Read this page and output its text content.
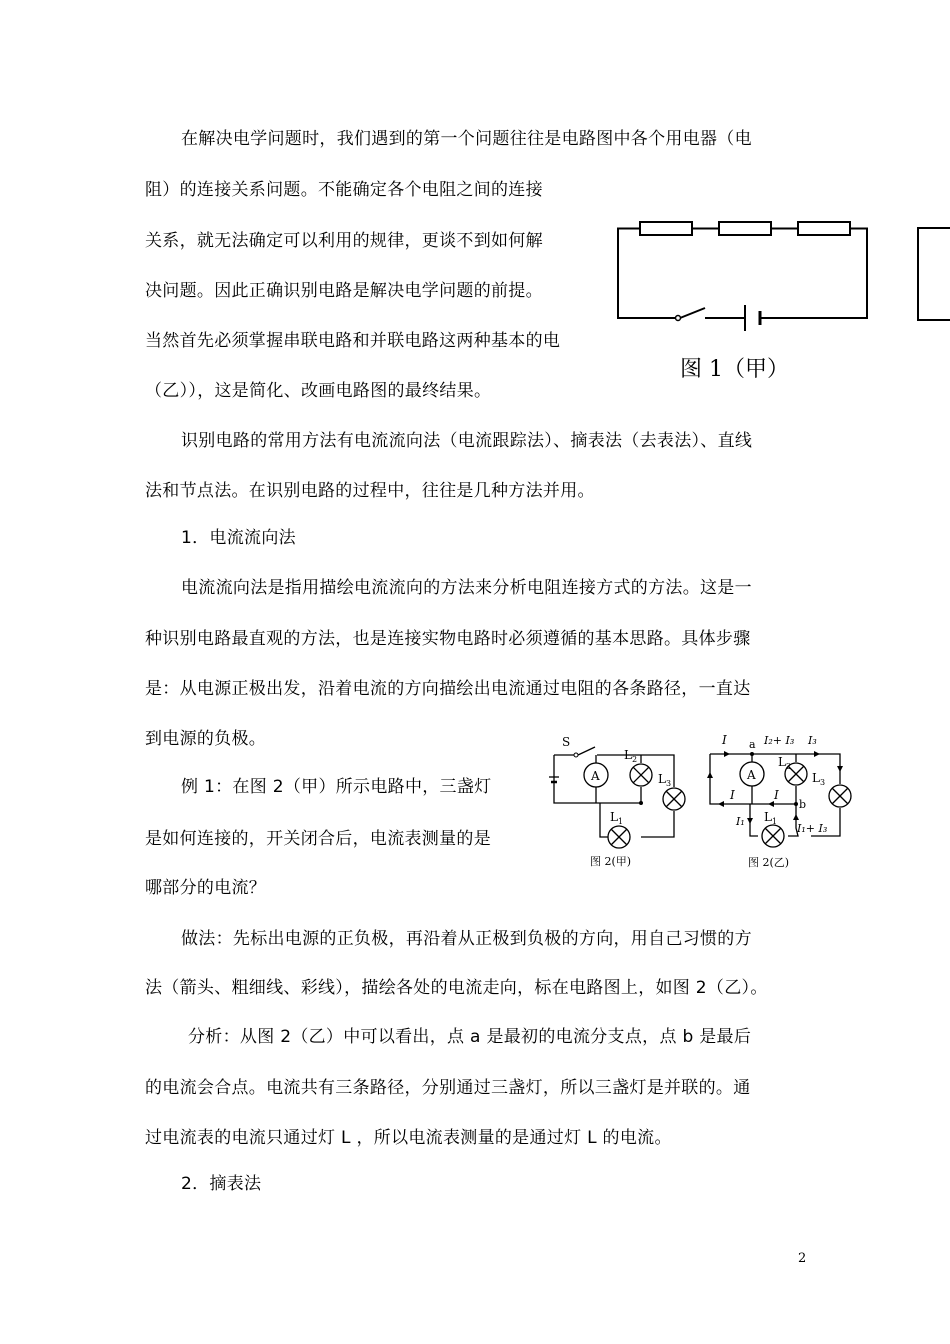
在解决电学问题时，我们遇到的第一个问题往往是电路图中各个用电器（电
阻）的连接关系问题。不能确定各个电阻之间的连接
关系，就无法确定可以利用的规律，更谈不到如何解
决问题。因此正确识别电路是解决电学问题的前提。
当然首先必须掌握串联电路和并联电路这两种基本的电
（乙）），这是简化、改画电路图的最终结果。
识别电路的常用方法有电流流向法（电流跟踪法）、摘表法（去表法）、直线
法和节点法。在识别电路的过程中，往往是几种方法并用。
1．电流流向法
电流流向法是指用描绘电流流向的方法来分析电阻连接方式的方法。这是一
种识别电路最直观的方法，也是连接实物电路时必须遵循的基本思路。具体步骤
是：从电源正极出发，沿着电流的方向描绘出电流通过电阻的各条路径，一直达
到电源的负极。
例 1：在图 2（甲）所示电路中，三盏灯
是如何连接的，开关闭合后，电流表测量的是
哪部分的电流？
做法：先标出电源的正负极，再沿着从正极到负极的方向，用自己习惯的方
法（箭头、粗细线、彩线），描绘各处的电流走向，标在电路图上，如图 2（乙）。
分析：从图 2（乙）中可以看出，点 a 是最初的电流分支点，点 b 是最后
的电流会合点。电流共有三条路径，分别通过三盏灯，所以三盏灯是并联的。通
过电流表的电流只通过灯 L ，所以电流表测量的是通过灯 L 的电流。
2．摘表法
图 1（甲）
S
A
$L_2$
$L_3$
$L_1$
图 2(甲)
I a I₂+ I₃ I₃
A
$L_2$
$L_3$
I	I
b
I₁ $L_1$
I₁+ I₃
图 2(乙)
2
